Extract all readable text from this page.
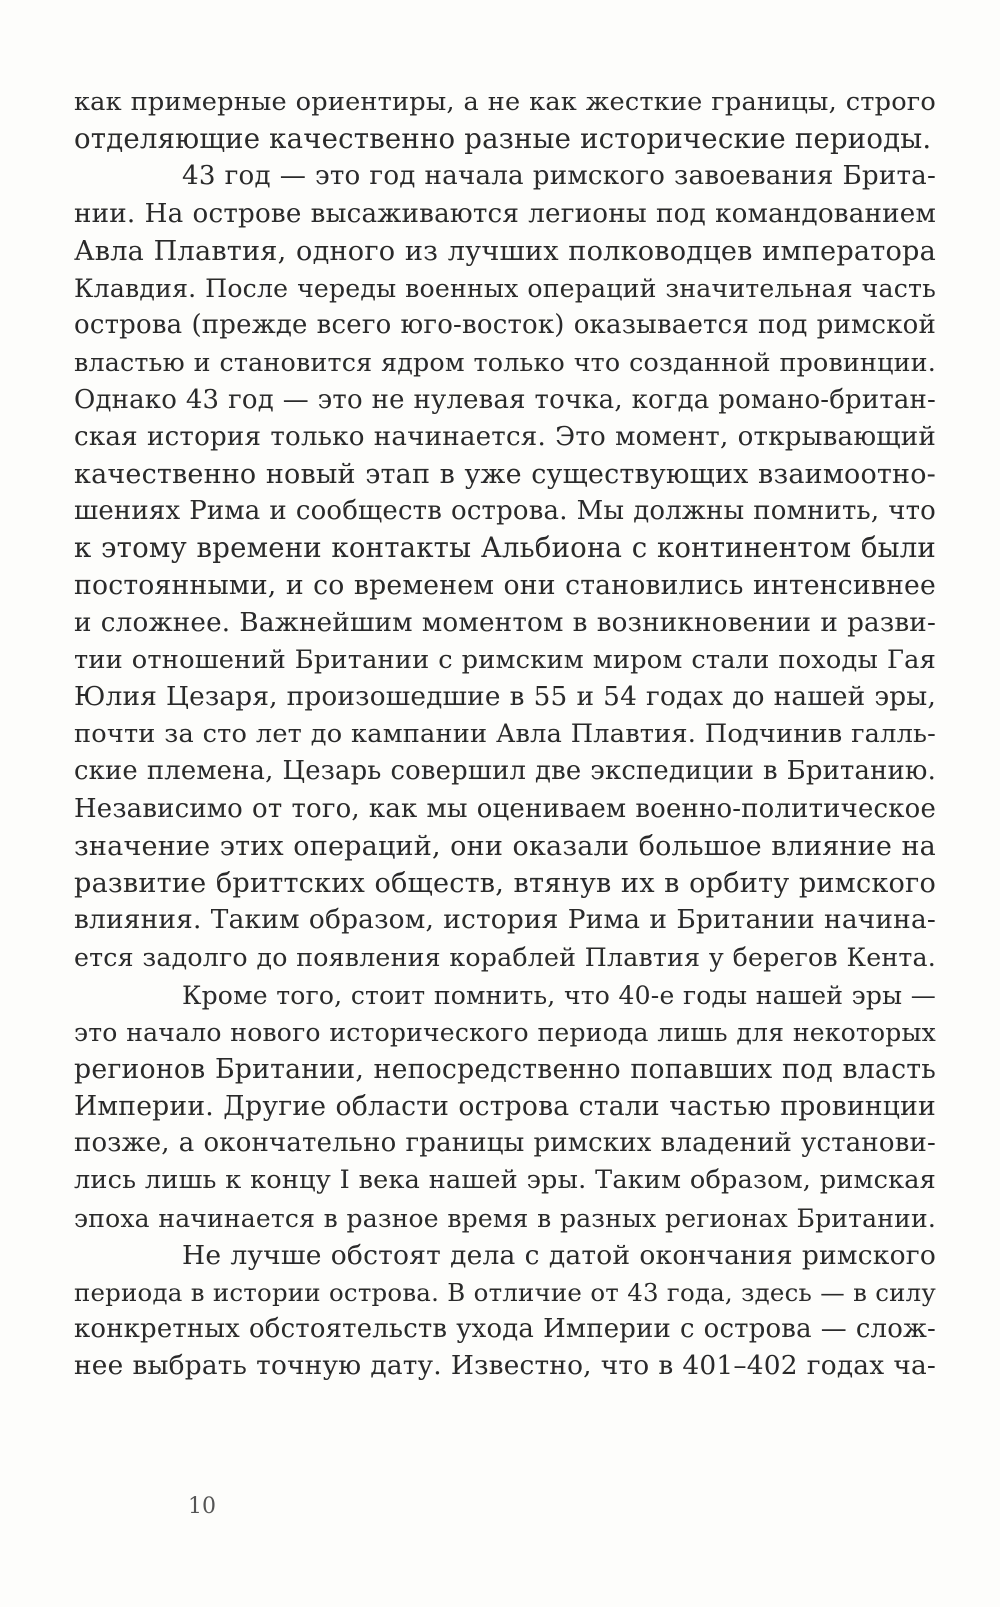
как примерные ориентиры, а не как жесткие границы, строго
отделяющие качественно разные исторические периоды.
43 год — это год начала римского завоевания Брита-
нии. На острове высаживаются легионы под командованием
Авла Плавтия, одного из лучших полководцев императора
Клавдия. После череды военных операций значительная часть
острова (прежде всего юго-восток) оказывается под римской
властью и становится ядром только что созданной провинции.
Однако 43 год — это не нулевая точка, когда романо-британ-
ская история только начинается. Это момент, открывающий
качественно новый этап в уже существующих взаимоотно-
шениях Рима и сообществ острова. Мы должны помнить, что
к этому времени контакты Альбиона с континентом были
постоянными, и со временем они становились интенсивнее
и сложнее. Важнейшим моментом в возникновении и разви-
тии отношений Британии с римским миром стали походы Гая
Юлия Цезаря, произошедшие в 55 и 54 годах до нашей эры,
почти за сто лет до кампании Авла Плавтия. Подчинив галль-
ские племена, Цезарь совершил две экспедиции в Британию.
Независимо от того, как мы оцениваем военно-политическое
значение этих операций, они оказали большое влияние на
развитие бриттских обществ, втянув их в орбиту римского
влияния. Таким образом, история Рима и Британии начина-
ется задолго до появления кораблей Плавтия у берегов Кента.
Кроме того, стоит помнить, что 40-е годы нашей эры —
это начало нового исторического периода лишь для некоторых
регионов Британии, непосредственно попавших под власть
Империи. Другие области острова стали частью провинции
позже, а окончательно границы римских владений установи-
лись лишь к концу I века нашей эры. Таким образом, римская
эпоха начинается в разное время в разных регионах Британии.
Не лучше обстоят дела с датой окончания римского
периода в истории острова. В отличие от 43 года, здесь — в силу
конкретных обстоятельств ухода Империи с острова — слож-
нее выбрать точную дату. Известно, что в 401–402 годах ча-
10
